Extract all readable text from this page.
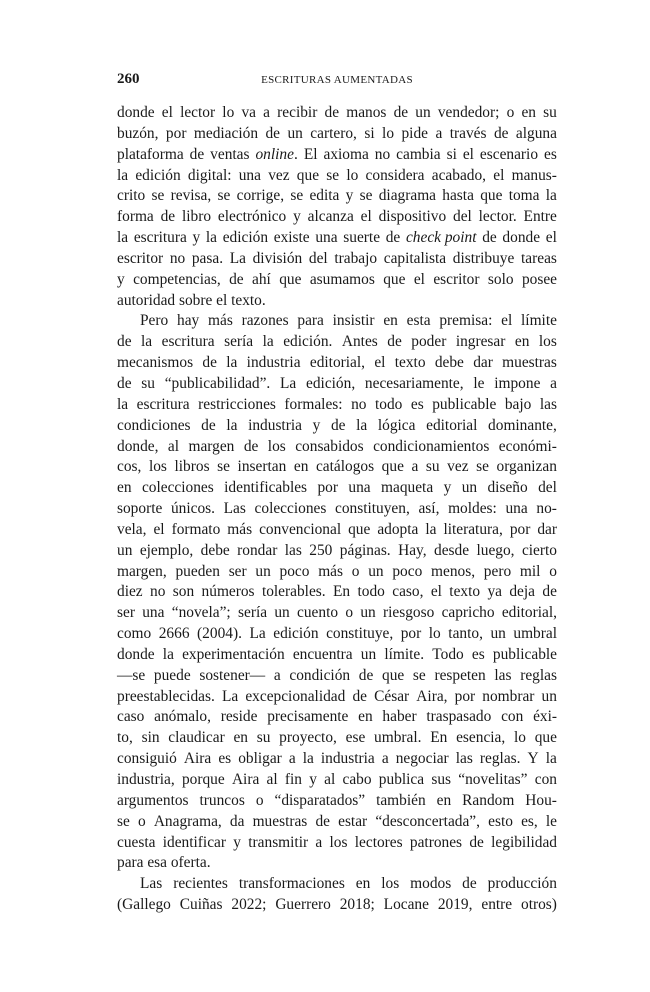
260	ESCRITURAS AUMENTADAS
donde el lector lo va a recibir de manos de un vendedor; o en su
buzón, por mediación de un cartero, si lo pide a través de alguna
plataforma de ventas online. El axioma no cambia si el escenario es
la edición digital: una vez que se lo considera acabado, el manus-
crito se revisa, se corrige, se edita y se diagrama hasta que toma la
forma de libro electrónico y alcanza el dispositivo del lector. Entre
la escritura y la edición existe una suerte de check point de donde el
escritor no pasa. La división del trabajo capitalista distribuye tareas
y competencias, de ahí que asumamos que el escritor solo posee
autoridad sobre el texto.
Pero hay más razones para insistir en esta premisa: el límite
de la escritura sería la edición. Antes de poder ingresar en los
mecanismos de la industria editorial, el texto debe dar muestras
de su “publicabilidad”. La edición, necesariamente, le impone a
la escritura restricciones formales: no todo es publicable bajo las
condiciones de la industria y de la lógica editorial dominante,
donde, al margen de los consabidos condicionamientos económi-
cos, los libros se insertan en catálogos que a su vez se organizan
en colecciones identificables por una maqueta y un diseño del
soporte únicos. Las colecciones constituyen, así, moldes: una no-
vela, el formato más convencional que adopta la literatura, por dar
un ejemplo, debe rondar las 250 páginas. Hay, desde luego, cierto
margen, pueden ser un poco más o un poco menos, pero mil o
diez no son números tolerables. En todo caso, el texto ya deja de
ser una “novela”; sería un cuento o un riesgoso capricho editorial,
como 2666 (2004). La edición constituye, por lo tanto, un umbral
donde la experimentación encuentra un límite. Todo es publicable
—se puede sostener— a condición de que se respeten las reglas
preestablecidas. La excepcionalidad de César Aira, por nombrar un
caso anómalo, reside precisamente en haber traspasado con éxi-
to, sin claudicar en su proyecto, ese umbral. En esencia, lo que
consiguió Aira es obligar a la industria a negociar las reglas. Y la
industria, porque Aira al fin y al cabo publica sus “novelitas” con
argumentos truncos o “disparatados” también en Random Hou-
se o Anagrama, da muestras de estar “desconcertada”, esto es, le
cuesta identificar y transmitir a los lectores patrones de legibilidad
para esa oferta.
Las recientes transformaciones en los modos de producción
(Gallego Cuiñas 2022; Guerrero 2018; Locane 2019, entre otros)
